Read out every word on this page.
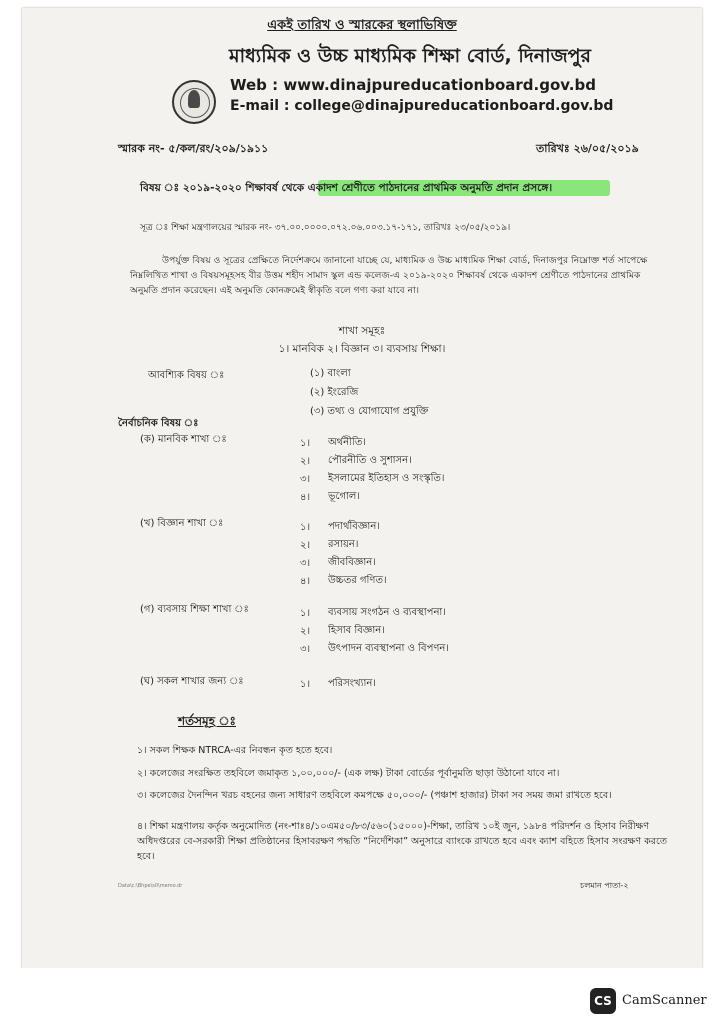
একই তারিখ ও স্মারকের স্থলাভিষিক্ত
মাধ্যমিক ও উচ্চ মাধ্যমিক শিক্ষা বোর্ড, দিনাজপুর
Web : www.dinajpureducationboard.gov.bd
E-mail : college@dinajpureducationboard.gov.bd
স্মারক নং- ৫/কল/রং/২০৯/১৯১১	তারিখঃ ২৬/০৫/২০১৯
বিষয় ঃ ২০১৯-২০২০ শিক্ষাবর্ষ থেকে একাদশ শ্রেণীতে পাঠদানের প্রাথমিক অনুমতি প্রদান প্রসঙ্গে।
সূত্র ঃ শিক্ষা মন্ত্রণালয়ের স্মারক নং- ৩৭.০০.০০০০.০৭২.০৬.০০৩.১৭-১৭১, তারিখঃ ২৩/০৫/২০১৯।
উপর্যুক্ত বিষয় ও সূত্রের প্রেক্ষিতে নির্দেশক্রমে জানানো যাচ্ছে যে, মাধ্যমিক ও উচ্চ মাধ্যমিক শিক্ষা বোর্ড, দিনাজপুর নিম্নোক্ত শর্ত সাপেক্ষে নিম্নলিখিত শাখা ও বিষয়সমূহসহ বীর উত্তম শহীদ সামাদ স্কুল এন্ড কলেজ-এ ২০১৯-২০২০ শিক্ষাবর্ষ থেকে একাদশ শ্রেণীতে পাঠদানের প্রাথমিক অনুমতি প্রদান করেছেন। এই অনুমতি কোনক্রমেই স্বীকৃতি বলে গণ্য করা যাবে না।
শাখা সমূহঃ
১। মানবিক ২। বিজ্ঞান ৩। ব্যবসায় শিক্ষা।
আবশ্যিক বিষয় ঃ	(১) বাংলা
(২) ইংরেজি
(৩) তথ্য ও যোগাযোগ প্রযুক্তি
নৈর্বাচনিক বিষয় ঃ
(ক) মানবিক শাখা ঃ	১। অর্থনীতি।
২। পৌরনীতি ও সুশাসন।
৩। ইসলামের ইতিহাস ও সংস্কৃতি।
৪। ভূগোল।
(খ) বিজ্ঞান শাখা ঃ	১। পদার্থবিজ্ঞান।
২। রসায়ন।
৩। জীববিজ্ঞান।
৪। উচ্চতর গণিত।
(গ) ব্যবসায় শিক্ষা শাখা ঃ	১। ব্যবসায় সংগঠন ও ব্যবস্থাপনা।
২। হিসাব বিজ্ঞান।
৩। উৎপাদন ব্যবস্থাপনা ও বিপণন।
(ঘ) সকল শাখার জন্য ঃ	১। পরিসংখ্যান।
শর্তসমূহ ঃ
১। সকল শিক্ষক NTRCA-এর নিবন্ধন কৃত হতে হবে।
২। কলেজের সংরক্ষিত তহবিলে জমাকৃত ১,০০,০০০/- (এক লক্ষ) টাকা বোর্ডের পূর্বানুমতি ছাড়া উঠানো যাবে না।
৩। কলেজের দৈনন্দিন খরচ বহনের জন্য সাধারণ তহবিলে কমপক্ষে ৫০,০০০/- (পঞ্চাশ হাজার) টাকা সব সময় জমা রাখতে হবে।
৪। শিক্ষা মন্ত্রণালয় কর্তৃক অনুমোদিত (নং-শাঃ৪/১০এম৫০/৮৩/৫৬০(১৫০০০)-শিক্ষা, তারিখ ১০ই জুন, ১৯৮৪ পরিদর্শন ও হিসাব নিরীক্ষণ অধিদপ্তরের বে-সরকারী শিক্ষা প্রতিষ্ঠানের হিসাবরক্ষণ পদ্ধতি “নির্দেশিকা” অনুসারে ব্যাংকে রাখতে হবে এবং ক্যাশ বহিতে হিসাব সংরক্ষণ করতে হবে।
Data\c:\Bhpe\s0\memo.dr	চলমান পাতা-২
CS CamScanner
